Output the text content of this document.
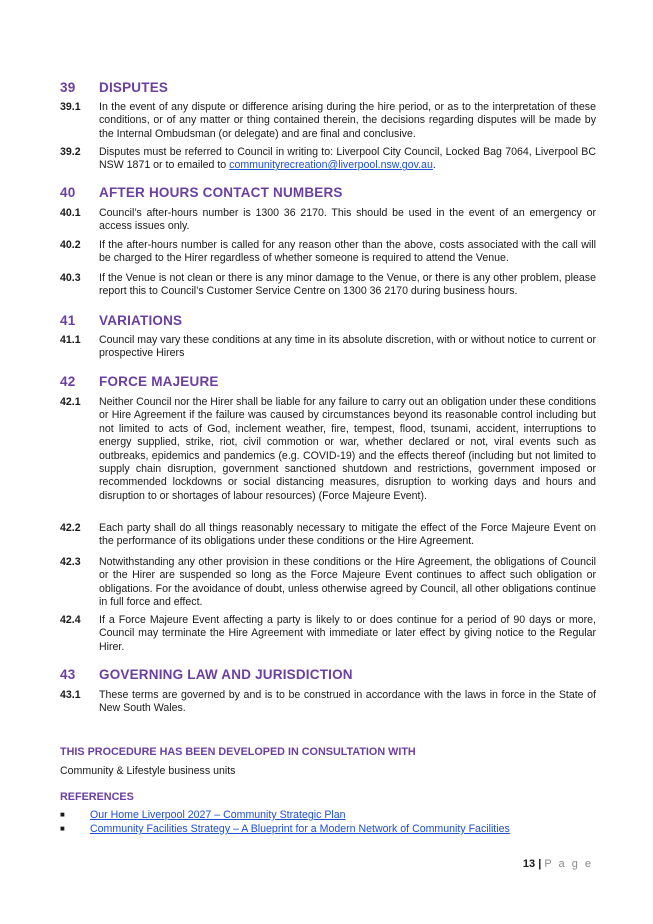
39 DISPUTES
39.1	In the event of any dispute or difference arising during the hire period, or as to the interpretation of these conditions, or of any matter or thing contained therein, the decisions regarding disputes will be made by the Internal Ombudsman (or delegate) and are final and conclusive.
39.2	Disputes must be referred to Council in writing to: Liverpool City Council, Locked Bag 7064, Liverpool BC NSW 1871 or to emailed to communityrecreation@liverpool.nsw.gov.au.
40 AFTER HOURS CONTACT NUMBERS
40.1	Council’s after-hours number is 1300 36 2170. This should be used in the event of an emergency or access issues only.
40.2	If the after-hours number is called for any reason other than the above, costs associated with the call will be charged to the Hirer regardless of whether someone is required to attend the Venue.
40.3	If the Venue is not clean or there is any minor damage to the Venue, or there is any other problem, please report this to Council’s Customer Service Centre on 1300 36 2170 during business hours.
41 VARIATIONS
41.1	Council may vary these conditions at any time in its absolute discretion, with or without notice to current or prospective Hirers
42 FORCE MAJEURE
42.1	Neither Council nor the Hirer shall be liable for any failure to carry out an obligation under these conditions or Hire Agreement if the failure was caused by circumstances beyond its reasonable control including but not limited to acts of God, inclement weather, fire, tempest, flood, tsunami, accident, interruptions to energy supplied, strike, riot, civil commotion or war, whether declared or not, viral events such as outbreaks, epidemics and pandemics (e.g. COVID-19) and the effects thereof (including but not limited to supply chain disruption, government sanctioned shutdown and restrictions, government imposed or recommended lockdowns or social distancing measures, disruption to working days and hours and disruption to or shortages of labour resources) (Force Majeure Event).
42.2	Each party shall do all things reasonably necessary to mitigate the effect of the Force Majeure Event on the performance of its obligations under these conditions or the Hire Agreement.
42.3	Notwithstanding any other provision in these conditions or the Hire Agreement, the obligations of Council or the Hirer are suspended so long as the Force Majeure Event continues to affect such obligation or obligations. For the avoidance of doubt, unless otherwise agreed by Council, all other obligations continue in full force and effect.
42.4	If a Force Majeure Event affecting a party is likely to or does continue for a period of 90 days or more, Council may terminate the Hire Agreement with immediate or later effect by giving notice to the Regular Hirer.
43 GOVERNING LAW AND JURISDICTION
43.1	These terms are governed by and is to be construed in accordance with the laws in force in the State of New South Wales.
THIS PROCEDURE HAS BEEN DEVELOPED IN CONSULTATION WITH
Community & Lifestyle business units
REFERENCES
■ Our Home Liverpool 2027 – Community Strategic Plan
■ Community Facilities Strategy – A Blueprint for a Modern Network of Community Facilities
13 | P a g e
